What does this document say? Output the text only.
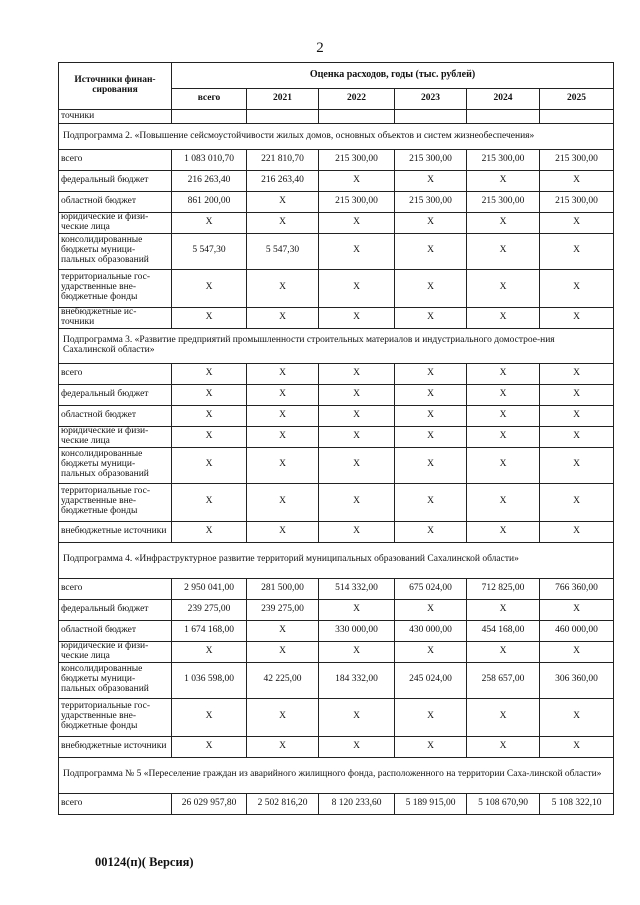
2
Источники финан-сирования	Оценка расходов, годы (тыс. рублей)					
	всего	2021	2022	2023	2024	2025
точники						
Подпрограмма 2. «Повышение сейсмоустойчивости жилых домов, основных объектов и систем жизнеобеспечения»						
всего	1 083 010,70	221 810,70	215 300,00	215 300,00	215 300,00	215 300,00
федеральный бюджет	216 263,40	216 263,40	X	X	X	X
областной бюджет	861 200,00	X	215 300,00	215 300,00	215 300,00	215 300,00
юридические и физи-ческие лица	X	X	X	X	X	X
консолидированные бюджеты муници-пальных образований	5 547,30	5 547,30	X	X	X	X
территориальные гос-ударственные вне-бюджетные фонды	X	X	X	X	X	X
внебюджетные ис-точники	X	X	X	X	X	X
Подпрограмма 3. «Развитие предприятий промышленности строительных материалов и индустриального домострое-ния Сахалинской области»						
всего	X	X	X	X	X	X
федеральный бюджет	X	X	X	X	X	X
областной бюджет	X	X	X	X	X	X
юридические и физи-ческие лица	X	X	X	X	X	X
консолидированные бюджеты муници-пальных образований	X	X	X	X	X	X
территориальные гос-ударственные вне-бюджетные фонды	X	X	X	X	X	X
внебюджетные источники	X	X	X	X	X	X
Подпрограмма 4. «Инфраструктурное развитие территорий муниципальных образований Сахалинской области»						
всего	2 950 041,00	281 500,00	514 332,00	675 024,00	712 825,00	766 360,00
федеральный бюджет	239 275,00	239 275,00	X	X	X	X
областной бюджет	1 674 168,00	X	330 000,00	430 000,00	454 168,00	460 000,00
юридические и физи-ческие лица	X	X	X	X	X	X
консолидированные бюджеты муници-пальных образований	1 036 598,00	42 225,00	184 332,00	245 024,00	258 657,00	306 360,00
территориальные гос-ударственные вне-бюджетные фонды	X	X	X	X	X	X
внебюджетные источники	X	X	X	X	X	X
Подпрограмма № 5 «Переселение граждан из аварийного жилищного фонда, расположенного на территории Саха-линской области»						
всего	26 029 957,80	2 502 816,20	8 120 233,60	5 189 915,00	5 108 670,90	5 108 322,10
00124(п)( Версия)
